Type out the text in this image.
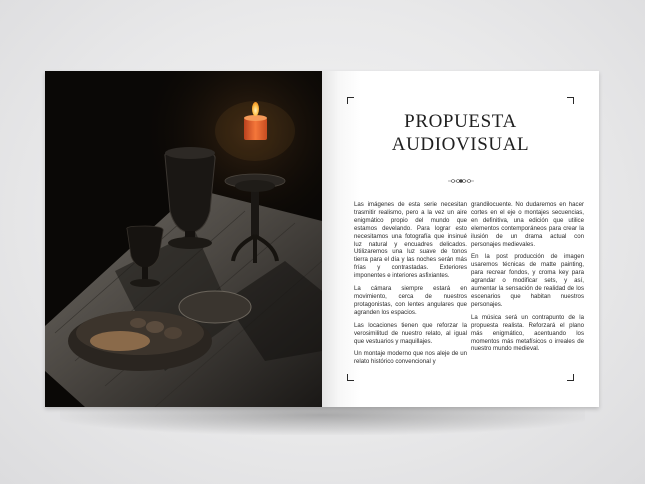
PROPUESTA
AUDIOVISUAL

Las imágenes de esta serie necesitan trasmitir realismo, pero a la vez un aire enigmático propio del mundo que estamos develando. Para lograr esto necesitamos una fotografía que insinué luz natural y encuadres delicados. Utilizaremos una luz suave de tonos tierra para el día y las noches serán más frías y contrastadas. Exteriores imponentes e interiores asfixiantes.

La cámara siempre estará en movimiento, cerca de nuestros protagonistas, con lentes angulares que agranden los espacios.

Las locaciones tienen que reforzar la verosimilitud de nuestro relato, al igual que vestuarios y maquillajes.

Un montaje moderno que nos aleje de un relato histórico convencional y

grandilocuente. No dudaremos en hacer cortes en el eje o montajes secuencias, en definitiva, una edición que utilice elementos contemporáneos para crear la ilusión de un drama actual con personajes medievales.

En la post producción de imagen usaremos técnicas de matte painting, para recrear fondos, y croma key para agrandar o modificar sets, y así, aumentar la sensación de realidad de los escenarios que habitan nuestros personajes.

La música será un contrapunto de la propuesta realista. Reforzará el plano más enigmático, acentuando los momentos más metafísicos o irreales de nuestro mundo medieval.
